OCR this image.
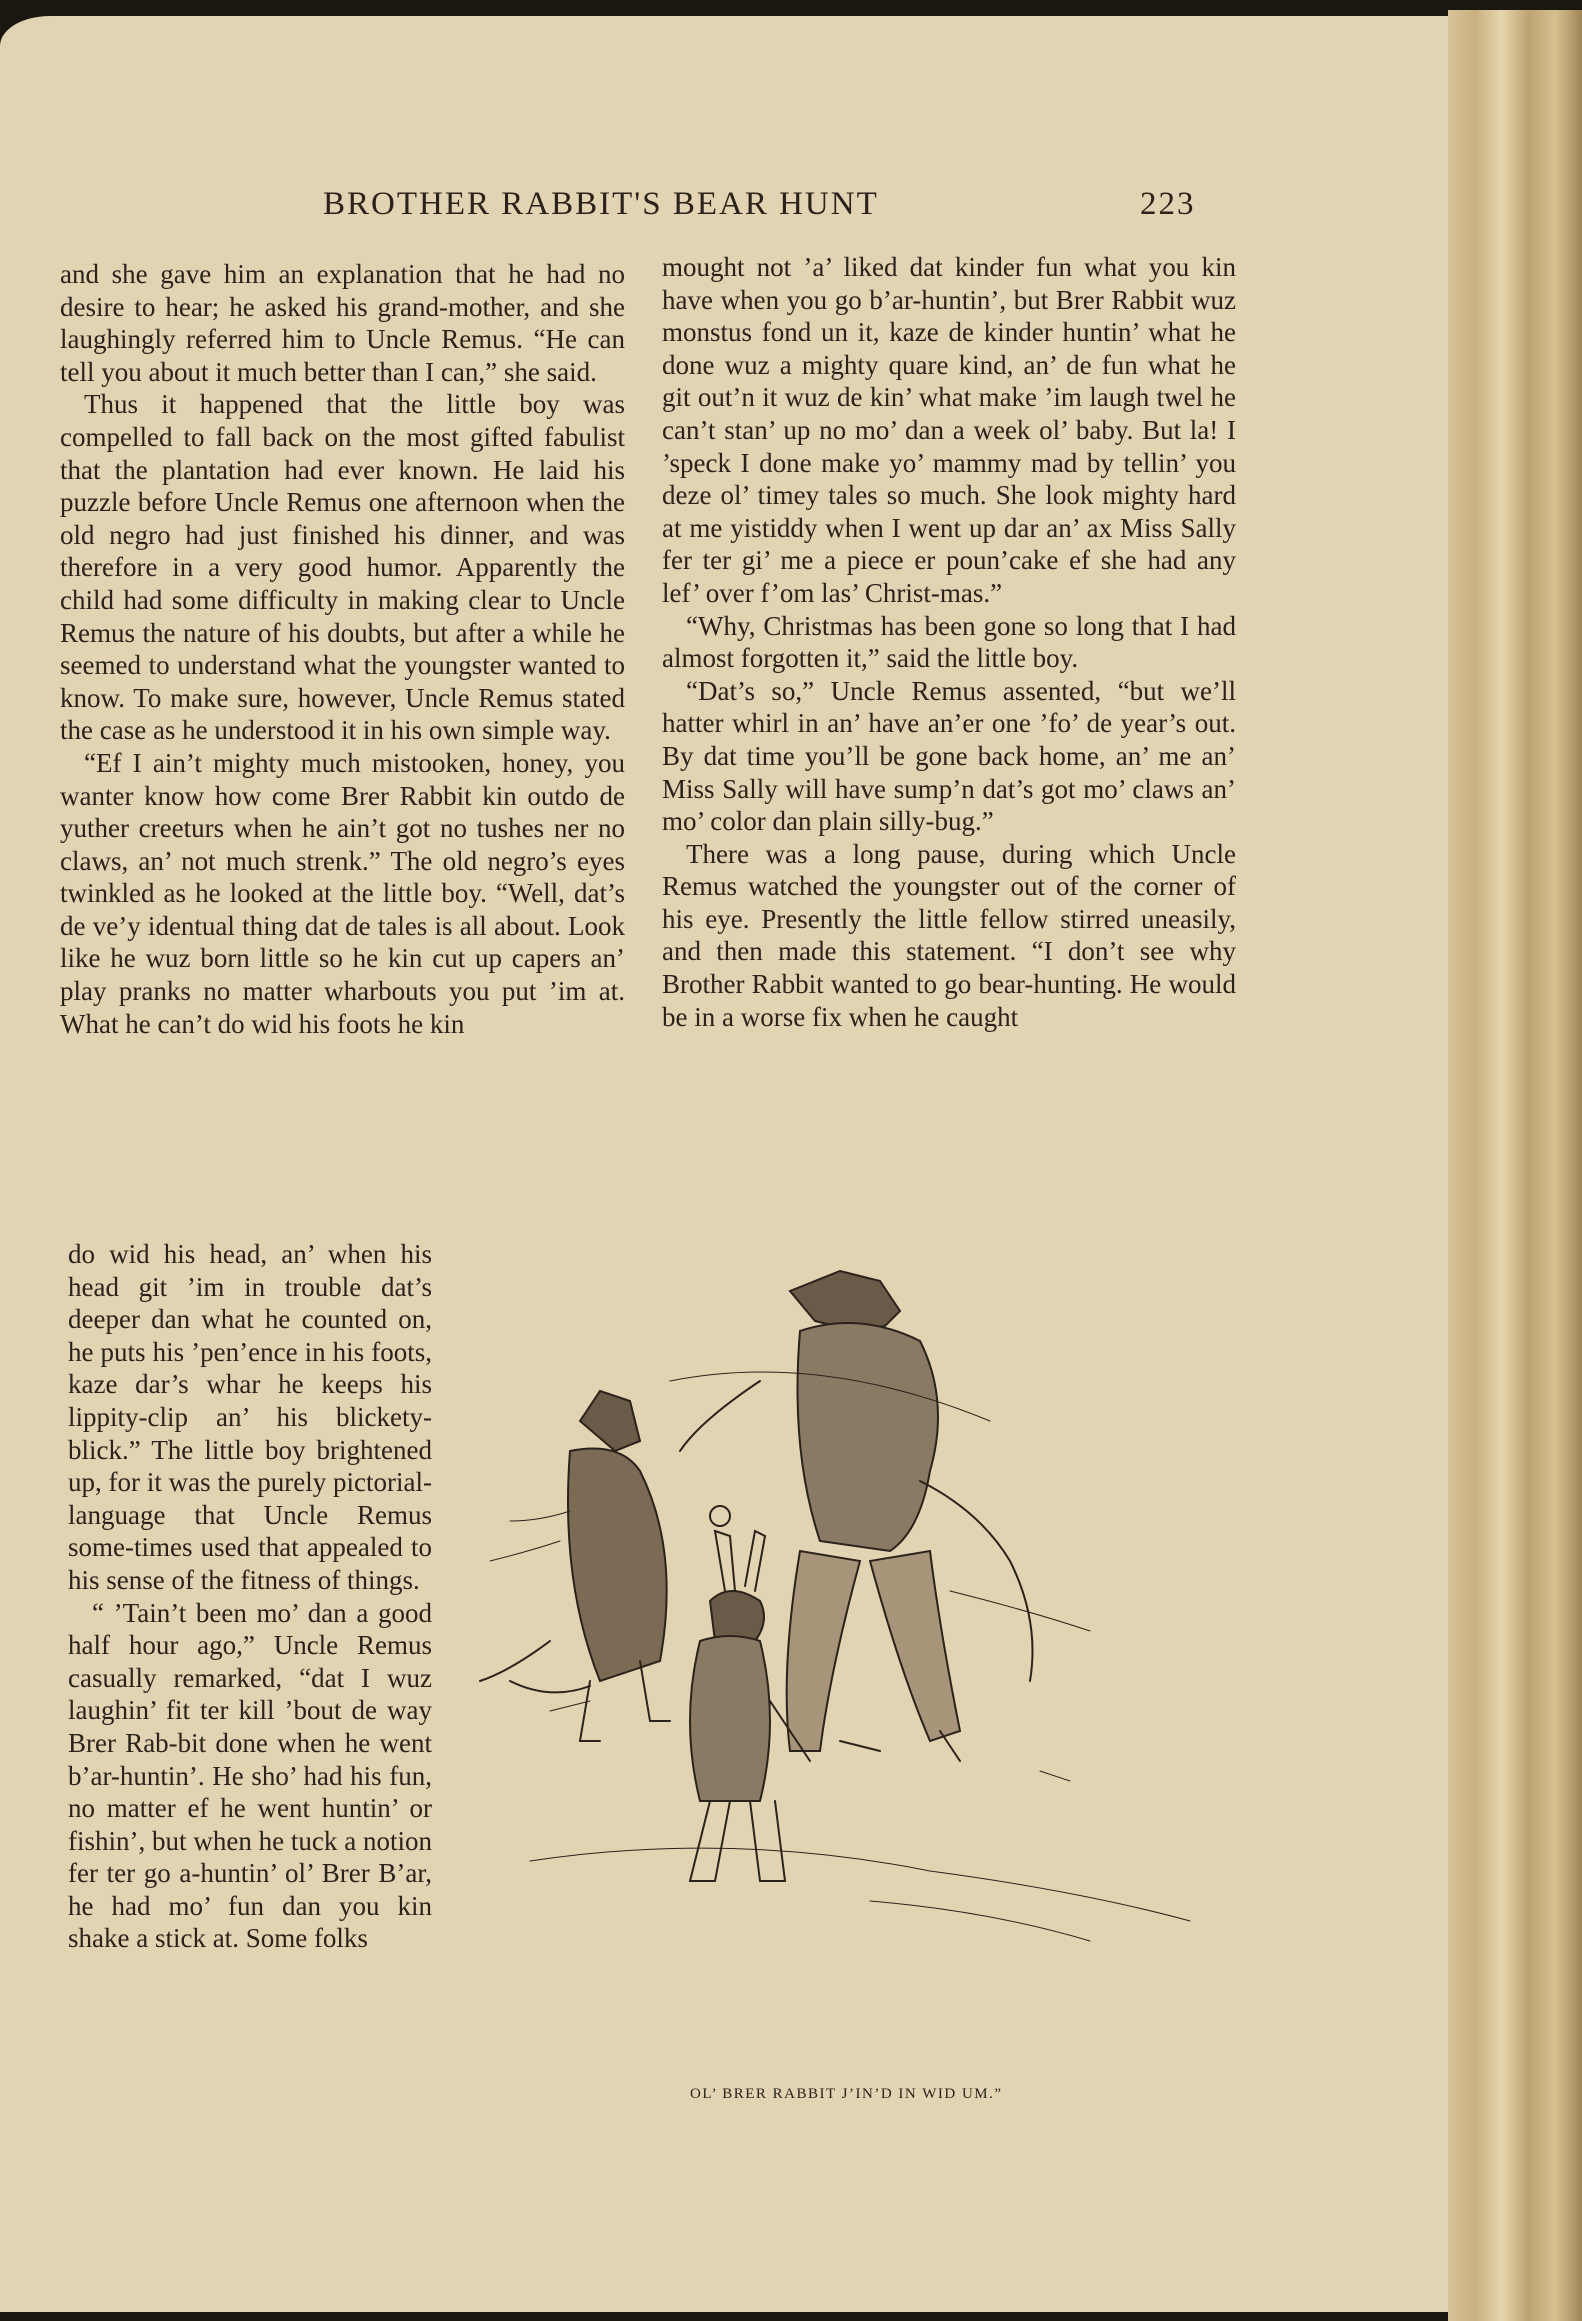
BROTHER RABBIT'S BEAR HUNT	223

and she gave him an explanation that he had no desire to hear; he asked his grand-mother, and she laughingly referred him to Uncle Remus. “He can tell you about it much better than I can,” she said.

Thus it happened that the little boy was compelled to fall back on the most gifted fabulist that the plantation had ever known. He laid his puzzle before Uncle Remus one afternoon when the old negro had just finished his dinner, and was therefore in a very good humor. Apparently the child had some difficulty in making clear to Uncle Remus the nature of his doubts, but after a while he seemed to understand what the youngster wanted to know. To make sure, however, Uncle Remus stated the case as he understood it in his own simple way.

“Ef I ain’t mighty much mistooken, honey, you wanter know how come Brer Rabbit kin outdo de yuther creeturs when he ain’t got no tushes ner no claws, an’ not much strenk.” The old negro’s eyes twinkled as he looked at the little boy. “Well, dat’s de ve’y identual thing dat de tales is all about. Look like he wuz born little so he kin cut up capers an’ play pranks no matter wharbouts you put ’im at. What he can’t do wid his foots he kin

do wid his head, an’ when his head git ’im in trouble dat’s deeper dan what he counted on, he puts his ’pen’ence in his foots, kaze dar’s whar he keeps his lippity-clip an’ his blickety-blick.” The little boy brightened up, for it was the purely pictorial-language that Uncle Remus some-times used that appealed to his sense of the fitness of things.

“ ’Tain’t been mo’ dan a good half hour ago,” Uncle Remus casually remarked, “dat I wuz laughin’ fit ter kill ’bout de way Brer Rab-bit done when he went b’ar-huntin’. He sho’ had his fun, no matter ef he went huntin’ or fishin’, but when he tuck a notion fer ter go a-huntin’ ol’ Brer B’ar, he had mo’ fun dan you kin shake a stick at. Some folks

mought not ’a’ liked dat kinder fun what you kin have when you go b’ar-huntin’, but Brer Rabbit wuz monstus fond un it, kaze de kinder huntin’ what he done wuz a mighty quare kind, an’ de fun what he git out’n it wuz de kin’ what make ’im laugh twel he can’t stan’ up no mo’ dan a week ol’ baby. But la! I ’speck I done make yo’ mammy mad by tellin’ you deze ol’ timey tales so much. She look mighty hard at me yistiddy when I went up dar an’ ax Miss Sally fer ter gi’ me a piece er poun’cake ef she had any lef’ over f’om las’ Christ-mas.”

“Why, Christmas has been gone so long that I had almost forgotten it,” said the little boy.

“Dat’s so,” Uncle Remus assented, “but we’ll hatter whirl in an’ have an’er one ’fo’ de year’s out. By dat time you’ll be gone back home, an’ me an’ Miss Sally will have sump’n dat’s got mo’ claws an’ mo’ color dan plain silly-bug.”

There was a long pause, during which Uncle Remus watched the youngster out of the corner of his eye. Presently the little fellow stirred uneasily, and then made this statement. “I don’t see why Brother Rabbit wanted to go bear-hunting. He would be in a worse fix when he caught

OL’ BRER RABBIT J’IN’D IN WID UM.”
